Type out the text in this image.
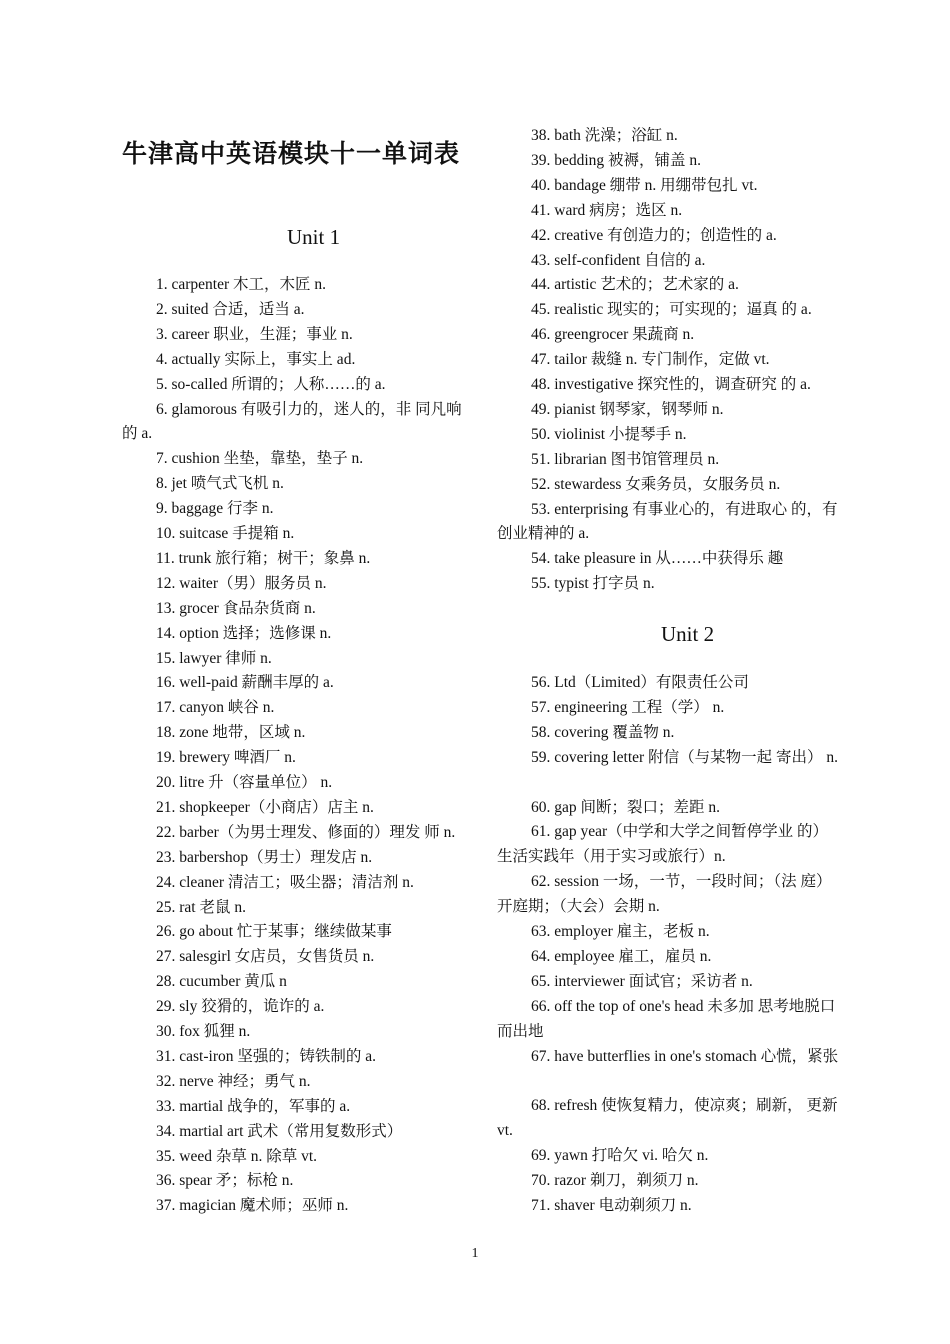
牛津高中英语模块十一单词表
Unit 1
1. carpenter 木工，木匠 n.
2. suited 合适，适当 a.
3. career 职业，生涯；事业 n.
4. actually 实际上，事实上 ad.
5. so-called 所谓的；人称……的 a.
6. glamorous 有吸引力的，迷人的，非 同凡响的 a.
7. cushion 坐垫，靠垫，垫子 n.
8. jet 喷气式飞机 n.
9. baggage 行李 n.
10. suitcase 手提箱 n.
11. trunk 旅行箱；树干；象鼻 n.
12. waiter（男）服务员 n.
13. grocer 食品杂货商 n.
14. option 选择；选修课 n.
15. lawyer 律师 n.
16. well-paid 薪酬丰厚的 a.
17. canyon 峡谷 n.
18. zone 地带，区域 n.
19. brewery 啤酒厂 n.
20. litre 升（容量单位） n.
21. shopkeeper（小商店）店主 n.
22. barber（为男士理发、修面的）理发 师 n.
23. barbershop（男士）理发店 n.
24. cleaner 清洁工；吸尘器；清洁剂 n.
25. rat 老鼠 n.
26. go about 忙于某事；继续做某事
27. salesgirl 女店员，女售货员 n.
28. cucumber 黄瓜 n
29. sly 狡猾的，诡诈的 a.
30. fox 狐狸 n.
31. cast-iron 坚强的；铸铁制的 a.
32. nerve 神经；勇气 n.
33. martial 战争的，军事的 a.
34. martial art 武术（常用复数形式）
35. weed 杂草 n. 除草 vt.
36. spear 矛；标枪 n.
37. magician 魔术师；巫师 n.
38. bath 洗澡；浴缸 n.
39. bedding 被褥，铺盖 n.
40. bandage 绷带 n. 用绷带包扎 vt.
41. ward 病房；选区 n.
42. creative 有创造力的；创造性的 a.
43. self-confident 自信的 a.
44. artistic 艺术的；艺术家的 a.
45. realistic 现实的；可实现的；逼真 的 a.
46. greengrocer 果蔬商 n.
47. tailor 裁缝 n. 专门制作，定做 vt.
48. investigative 探究性的，调查研究 的 a.
49. pianist 钢琴家，钢琴师 n.
50. violinist 小提琴手 n.
51. librarian 图书馆管理员 n.
52. stewardess 女乘务员，女服务员 n.
53. enterprising 有事业心的，有进取心 的，有创业精神的 a.
54. take pleasure in 从……中获得乐 趣
55. typist 打字员 n.
Unit 2
56. Ltd（Limited）有限责任公司
57. engineering 工程（学） n.
58. covering 覆盖物 n.
59. covering letter 附信（与某物一起 寄出） n.
60. gap 间断；裂口；差距 n.
61. gap year（中学和大学之间暂停学业 的）生活实践年（用于实习或旅行）n.
62. session 一场，一节，一段时间；（法 庭）开庭期；（大会）会期 n.
63. employer 雇主，老板 n.
64. employee 雇工，雇员 n.
65. interviewer 面试官；采访者 n.
66. off the top of one's head 未多加 思考地脱口而出地
67. have butterflies in one's stomach 心慌，紧张
68. refresh 使恢复精力，使凉爽；刷新， 更新 vt.
69. yawn 打哈欠 vi. 哈欠 n.
70. razor 剃刀，剃须刀 n.
71. shaver 电动剃须刀 n.
1
